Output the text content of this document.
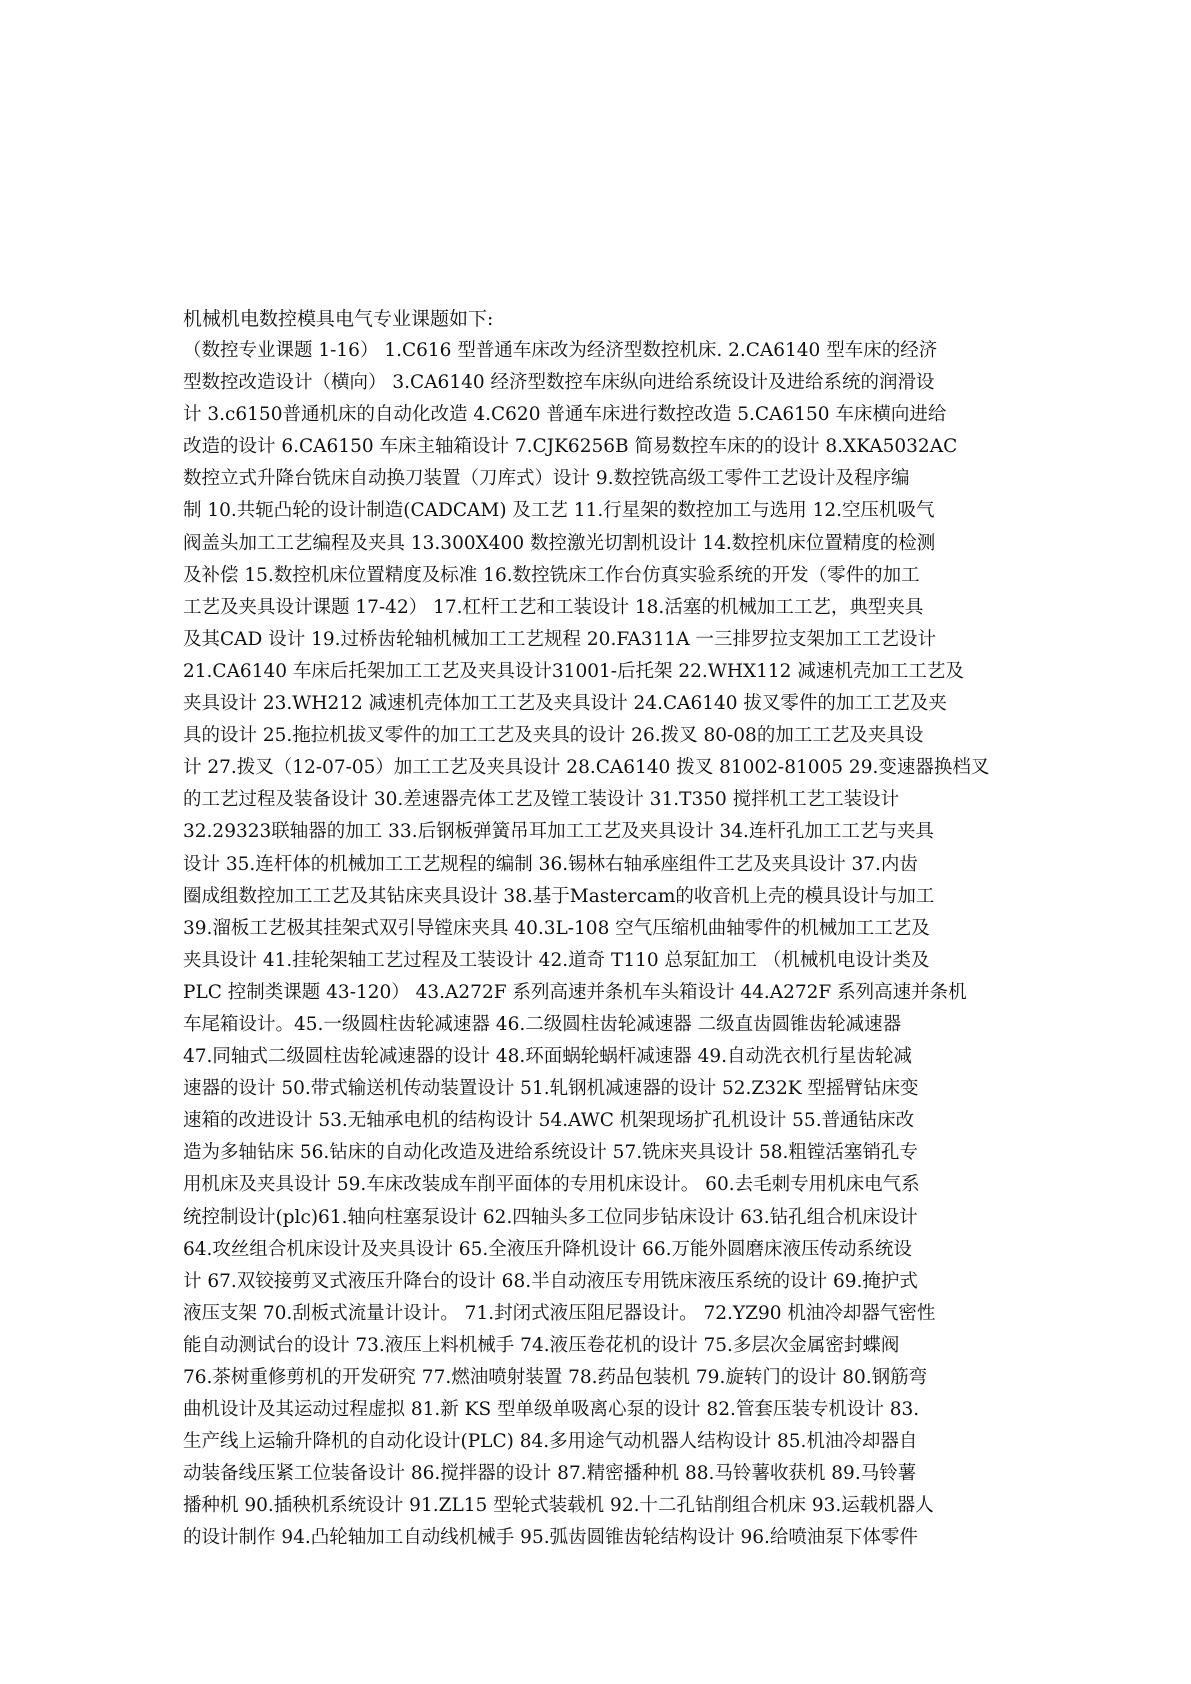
机械机电数控模具电气专业课题如下:
（数控专业课题 1-16） 1.C616 型普通车床改为经济型数控机床. 2.CA6140 型车床的经济
型数控改造设计（横向） 3.CA6140 经济型数控车床纵向进给系统设计及进给系统的润滑设
计 3.c6150普通机床的自动化改造 4.C620 普通车床进行数控改造 5.CA6150 车床横向进给
改造的设计 6.CA6150 车床主轴箱设计 7.CJK6256B 简易数控车床的的设计 8.XKA5032AC
数控立式升降台铣床自动换刀装置（刀库式）设计 9.数控铣高级工零件工艺设计及程序编
制 10.共轭凸轮的设计制造(CADCAM) 及工艺 11.行星架的数控加工与选用 12.空压机吸气
阀盖头加工工艺编程及夹具 13.300X400 数控激光切割机设计 14.数控机床位置精度的检测
及补偿 15.数控机床位置精度及标准 16.数控铣床工作台仿真实验系统的开发（零件的加工
工艺及夹具设计课题 17-42） 17.杠杆工艺和工装设计 18.活塞的机械加工工艺，典型夹具
及其CAD 设计 19.过桥齿轮轴机械加工工艺规程 20.FA311A 一三排罗拉支架加工工艺设计
21.CA6140 车床后托架加工工艺及夹具设计31001-后托架 22.WHX112 减速机壳加工工艺及
夹具设计 23.WH212 减速机壳体加工工艺及夹具设计 24.CA6140 拔叉零件的加工工艺及夹
具的设计 25.拖拉机拔叉零件的加工工艺及夹具的设计 26.拨叉 80-08的加工工艺及夹具设
计 27.拨叉（12-07-05）加工工艺及夹具设计 28.CA6140 拨叉 81002-81005 29.变速器换档叉
的工艺过程及装备设计 30.差速器壳体工艺及镗工装设计 31.T350 搅拌机工艺工装设计
32.29323联轴器的加工 33.后钢板弹簧吊耳加工工艺及夹具设计 34.连杆孔加工工艺与夹具
设计 35.连杆体的机械加工工艺规程的编制 36.锡林右轴承座组件工艺及夹具设计 37.内齿
圈成组数控加工工艺及其钻床夹具设计 38.基于Mastercam的收音机上壳的模具设计与加工
39.溜板工艺极其挂架式双引导镗床夹具 40.3L-108 空气压缩机曲轴零件的机械加工工艺及
夹具设计 41.挂轮架轴工艺过程及工装设计 42.道奇 T110 总泵缸加工 （机械机电设计类及
PLC 控制类课题 43-120） 43.A272F 系列高速并条机车头箱设计 44.A272F 系列高速并条机
车尾箱设计。45.一级圆柱齿轮减速器 46.二级圆柱齿轮减速器 二级直齿圆锥齿轮减速器
47.同轴式二级圆柱齿轮减速器的设计 48.环面蜗轮蜗杆减速器 49.自动洗衣机行星齿轮减
速器的设计 50.带式输送机传动装置设计 51.轧钢机减速器的设计 52.Z32K 型摇臂钻床变
速箱的改进设计 53.无轴承电机的结构设计 54.AWC 机架现场扩孔机设计 55.普通钻床改
造为多轴钻床 56.钻床的自动化改造及进给系统设计 57.铣床夹具设计 58.粗镗活塞销孔专
用机床及夹具设计 59.车床改装成车削平面体的专用机床设计。 60.去毛刺专用机床电气系
统控制设计(plc)61.轴向柱塞泵设计 62.四轴头多工位同步钻床设计 63.钻孔组合机床设计
64.攻丝组合机床设计及夹具设计 65.全液压升降机设计 66.万能外圆磨床液压传动系统设
计 67.双铰接剪叉式液压升降台的设计 68.半自动液压专用铣床液压系统的设计 69.掩护式
液压支架 70.刮板式流量计设计。 71.封闭式液压阻尼器设计。 72.YZ90 机油冷却器气密性
能自动测试台的设计 73.液压上料机械手 74.液压卷花机的设计 75.多层次金属密封蝶阀
76.茶树重修剪机的开发研究 77.燃油喷射装置 78.药品包装机 79.旋转门的设计 80.钢筋弯
曲机设计及其运动过程虚拟 81.新 KS 型单级单吸离心泵的设计 82.管套压装专机设计 83.
生产线上运输升降机的自动化设计(PLC) 84.多用途气动机器人结构设计 85.机油冷却器自
动装备线压紧工位装备设计 86.搅拌器的设计 87.精密播种机 88.马铃薯收获机 89.马铃薯
播种机 90.插秧机系统设计 91.ZL15 型轮式装载机 92.十二孔钻削组合机床 93.运载机器人
的设计制作 94.凸轮轴加工自动线机械手 95.弧齿圆锥齿轮结构设计 96.给喷油泵下体零件
